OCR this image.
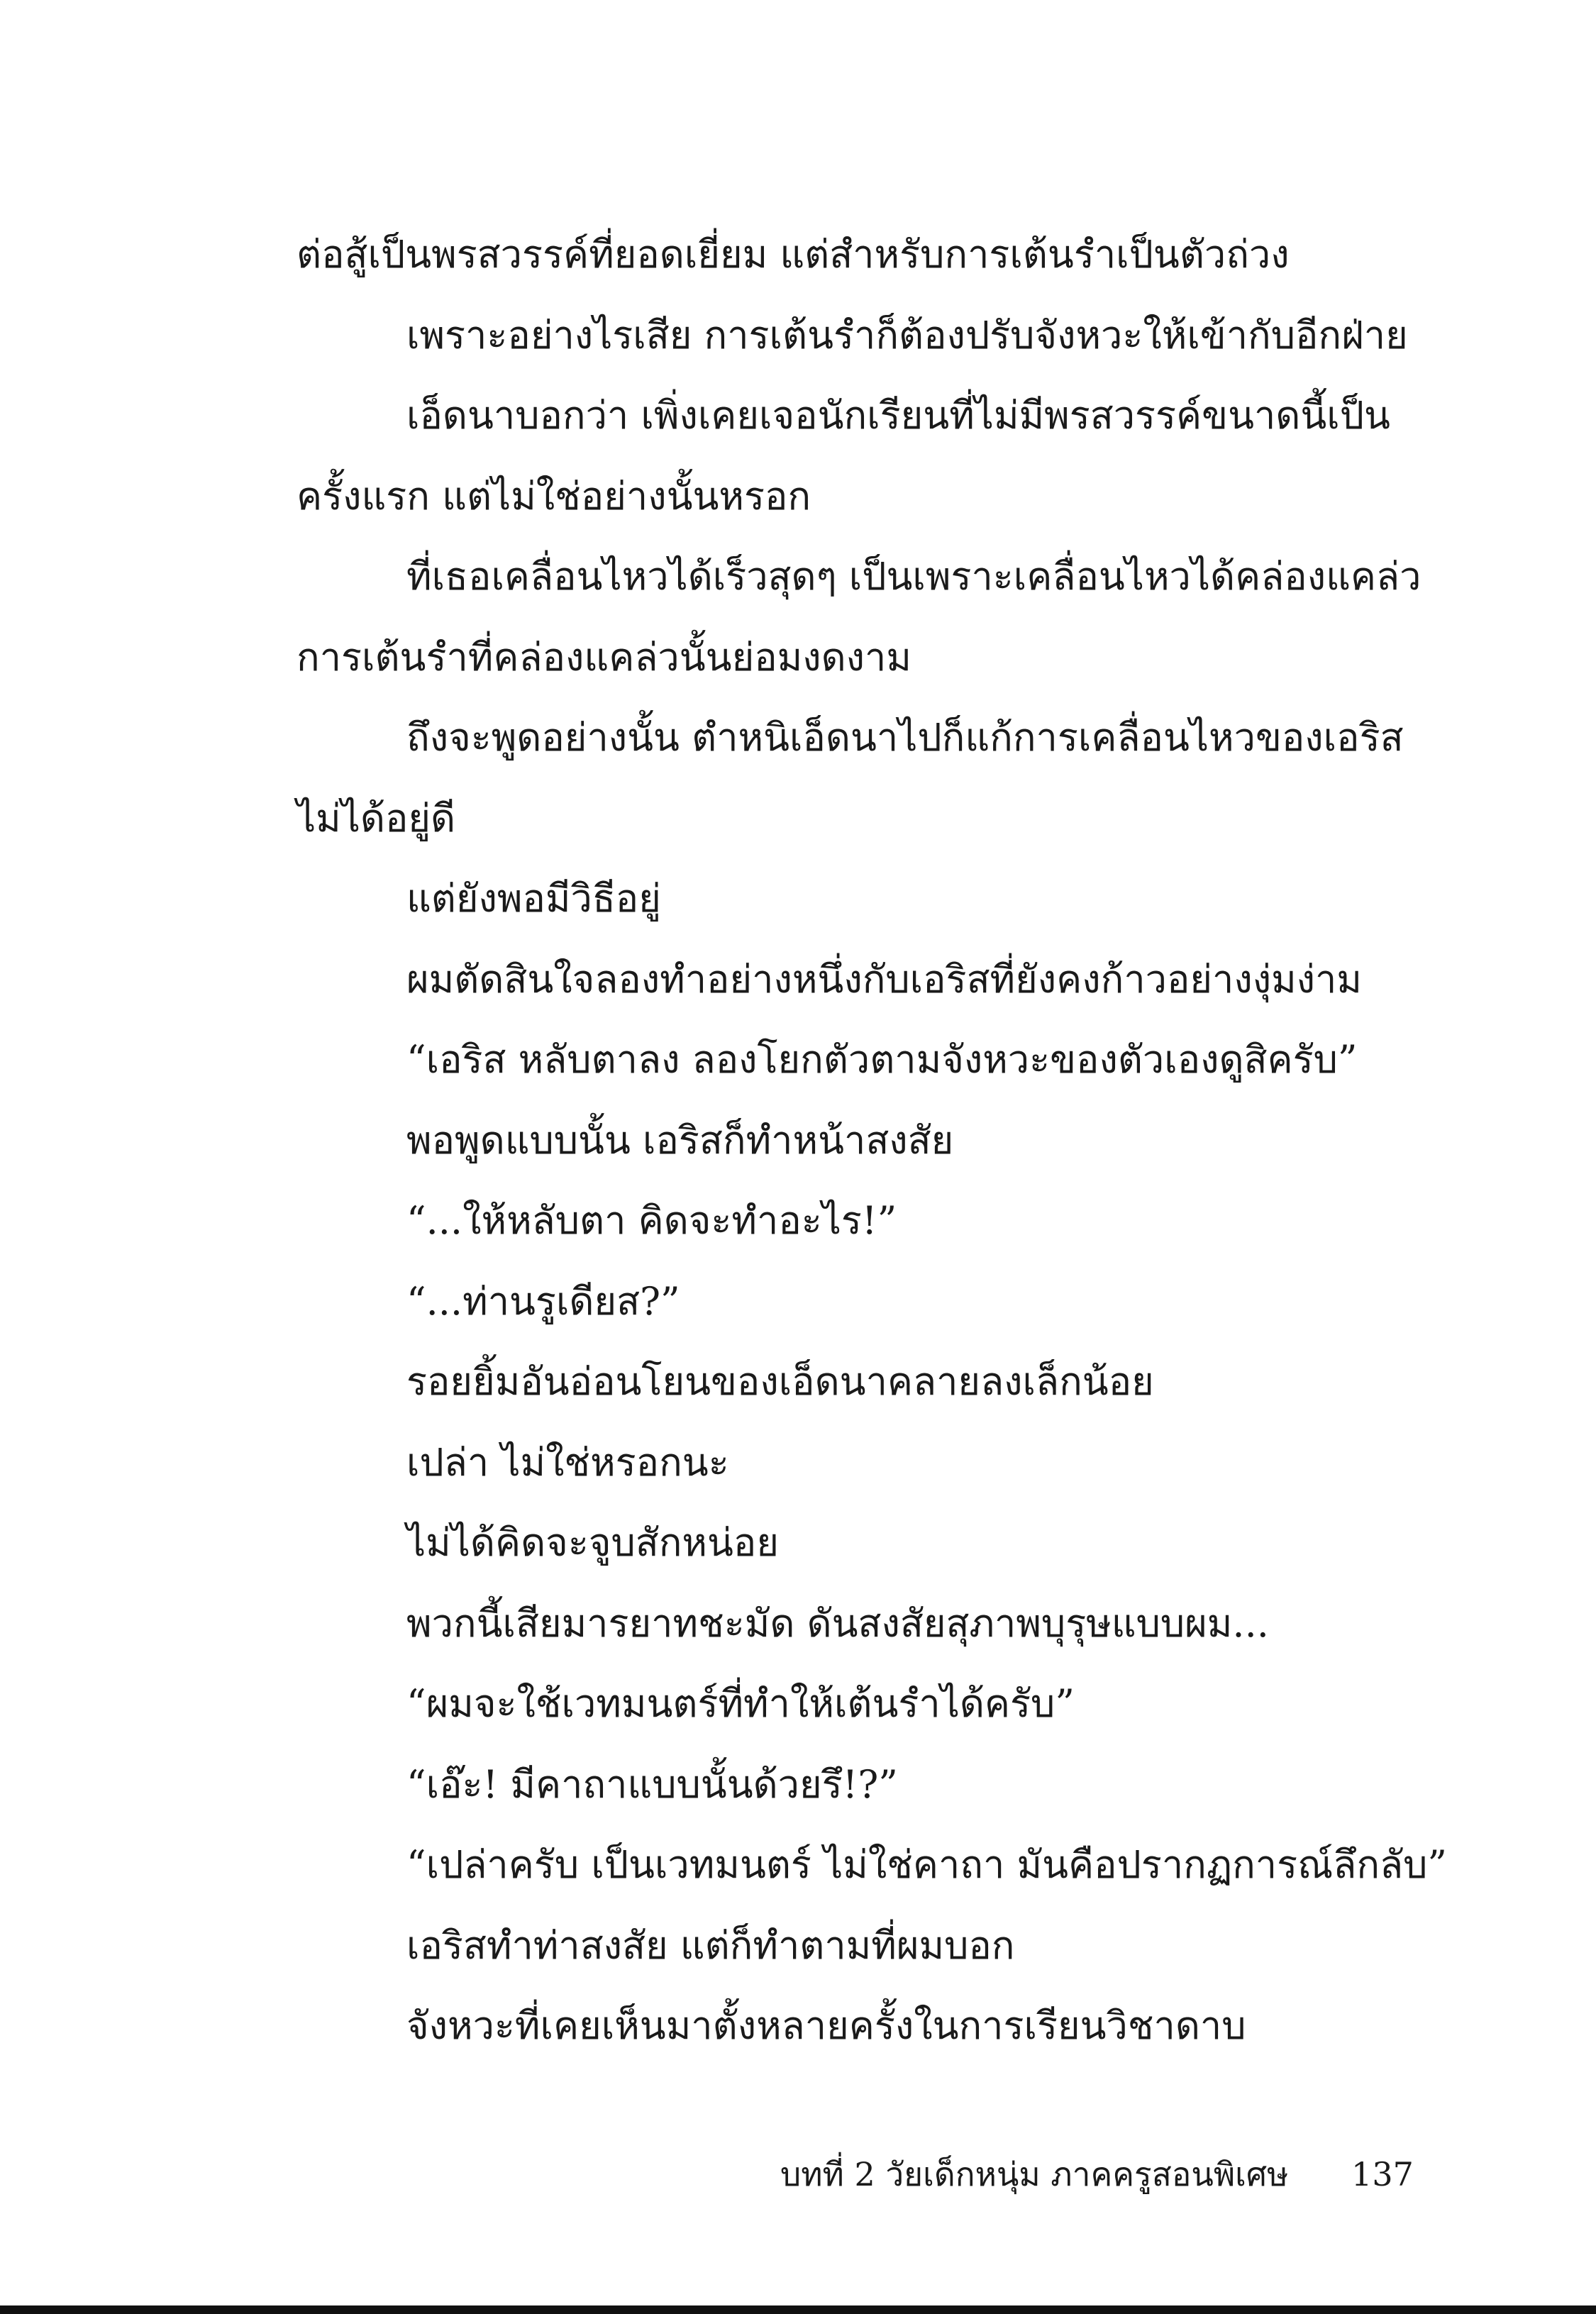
ต่อสู้เป็นพรสวรรค์ที่ยอดเยี่ยม แต่สำหรับการเต้นรำเป็นตัวถ่วง
เพราะอย่างไรเสีย การเต้นรำก็ต้องปรับจังหวะให้เข้ากับอีกฝ่าย
เอ็ดนาบอกว่า เพิ่งเคยเจอนักเรียนที่ไม่มีพรสวรรค์ขนาดนี้เป็น
ครั้งแรก แต่ไม่ใช่อย่างนั้นหรอก
ที่เธอเคลื่อนไหวได้เร็วสุดๆ เป็นเพราะเคลื่อนไหวได้คล่องแคล่ว
การเต้นรำที่คล่องแคล่วนั้นย่อมงดงาม
ถึงจะพูดอย่างนั้น ตำหนิเอ็ดนาไปก็แก้การเคลื่อนไหวของเอริส
ไม่ได้อยู่ดี
แต่ยังพอมีวิธีอยู่
ผมตัดสินใจลองทำอย่างหนึ่งกับเอริสที่ยังคงก้าวอย่างงุ่มง่าม
“เอริส หลับตาลง ลองโยกตัวตามจังหวะของตัวเองดูสิครับ”
พอพูดแบบนั้น เอริสก็ทำหน้าสงสัย
“...ให้หลับตา คิดจะทำอะไร!”
“...ท่านรูเดียส?”
รอยยิ้มอันอ่อนโยนของเอ็ดนาคลายลงเล็กน้อย
เปล่า ไม่ใช่หรอกนะ
ไม่ได้คิดจะจูบสักหน่อย
พวกนี้เสียมารยาทชะมัด ดันสงสัยสุภาพบุรุษแบบผม...
“ผมจะใช้เวทมนตร์ที่ทำให้เต้นรำได้ครับ”
“เอ๊ะ! มีคาถาแบบนั้นด้วยรึ!?”
“เปล่าครับ เป็นเวทมนตร์ ไม่ใช่คาถา มันคือปรากฏการณ์ลึกลับ”
เอริสทำท่าสงสัย แต่ก็ทำตามที่ผมบอก
จังหวะที่เคยเห็นมาตั้งหลายครั้งในการเรียนวิชาดาบ
บทที่ 2 วัยเด็กหนุ่ม ภาคครูสอนพิเศษ 137
